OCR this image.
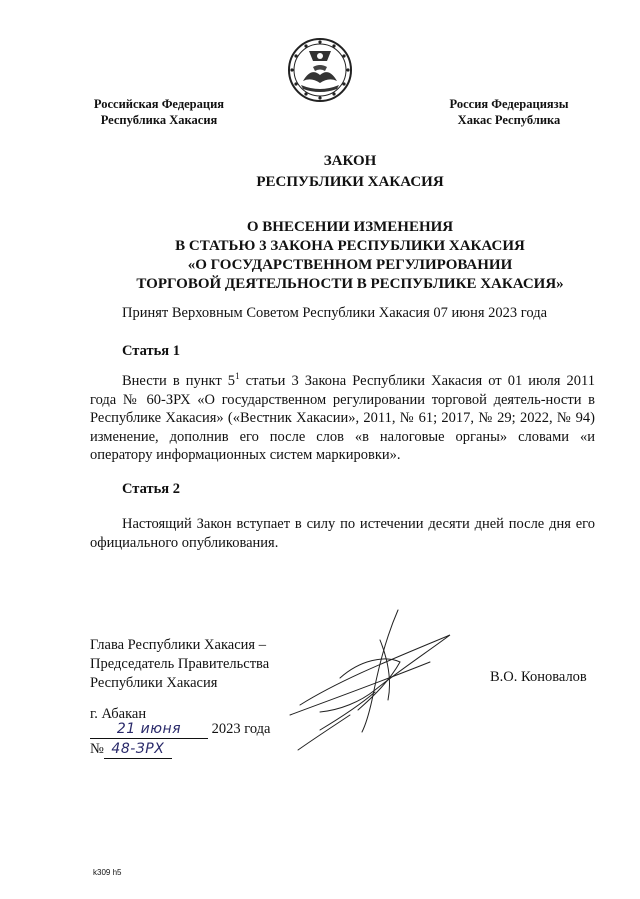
Российская Федерация
Республика Хакасия
Россия Федерациязы
Хакас Республика
ЗАКОН
РЕСПУБЛИКИ ХАКАСИЯ
О ВНЕСЕНИИ ИЗМЕНЕНИЯ
В СТАТЬЮ 3 ЗАКОНА РЕСПУБЛИКИ ХАКАСИЯ
«О ГОСУДАРСТВЕННОМ РЕГУЛИРОВАНИИ
ТОРГОВОЙ ДЕЯТЕЛЬНОСТИ В РЕСПУБЛИКЕ ХАКАСИЯ»
Принят Верховным Советом Республики Хакасия 07 июня 2023 года
Статья 1
Внести в пункт $5^1$ статьи 3 Закона Республики Хакасия от 01 июля 2011 года № 60-ЗРХ «О государственном регулировании торговой деятель-ности в Республике Хакасия» («Вестник Хакасии», 2011, № 61; 2017, № 29; 2022, № 94) изменение, дополнив его после слов «в налоговые органы» словами «и оператору информационных систем маркировки».
Статья 2
Настоящий Закон вступает в силу по истечении десяти дней после дня его официального опубликования.
Глава Республики Хакасия –
Председатель Правительства
Республики Хакасия	В.О. Коновалов
г. Абакан
21 июня 2023 года
№ 48-ЗРХ
k309 h5
